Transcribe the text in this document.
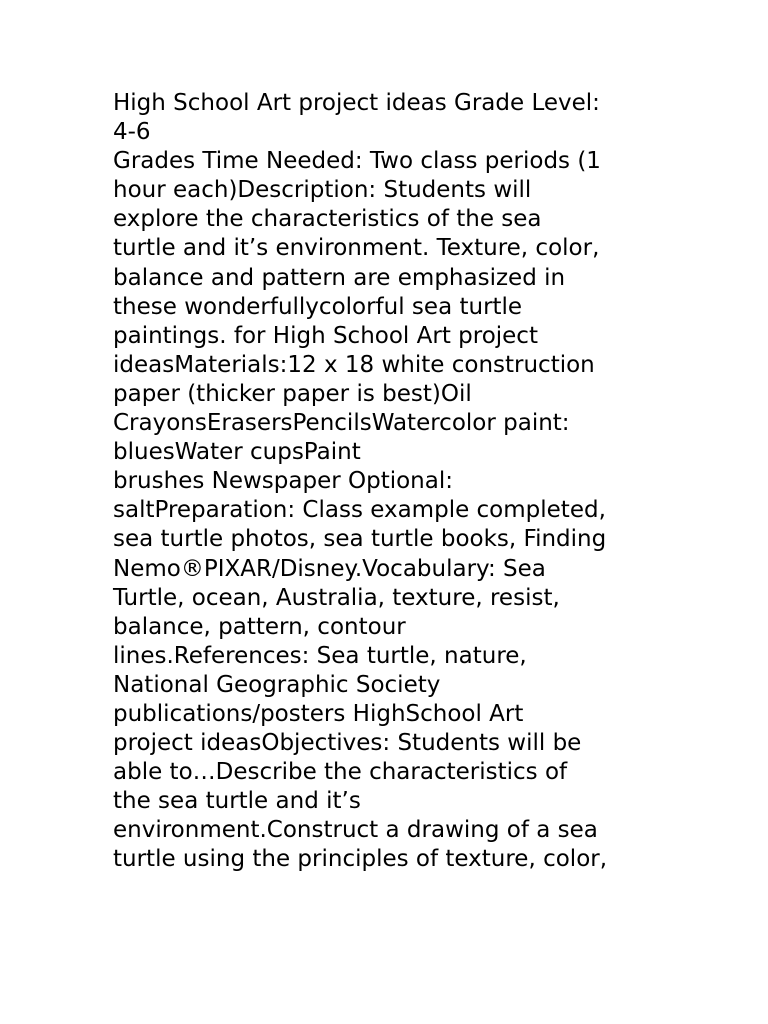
High School Art project ideas Grade Level:
4-6
Grades Time Needed: Two class periods (1
hour each)Description: Students will
explore the characteristics of the sea
turtle and it’s environment. Texture, color,
balance and pattern are emphasized in
these wonderfullycolorful sea turtle
paintings. for High School Art project
ideasMaterials:12 x 18 white construction
paper (thicker paper is best)Oil
CrayonsErasersPencilsWatercolor paint:
bluesWater cupsPaint
brushes Newspaper Optional:
saltPreparation: Class example completed,
sea turtle photos, sea turtle books, Finding
Nemo®PIXAR/Disney.Vocabulary: Sea
Turtle, ocean, Australia, texture, resist,
balance, pattern, contour
lines.References: Sea turtle, nature,
National Geographic Society
publications/posters HighSchool Art
project ideasObjectives: Students will be
able to…Describe the characteristics of
the sea turtle and it’s
environment.Construct a drawing of a sea
turtle using the principles of texture, color,
